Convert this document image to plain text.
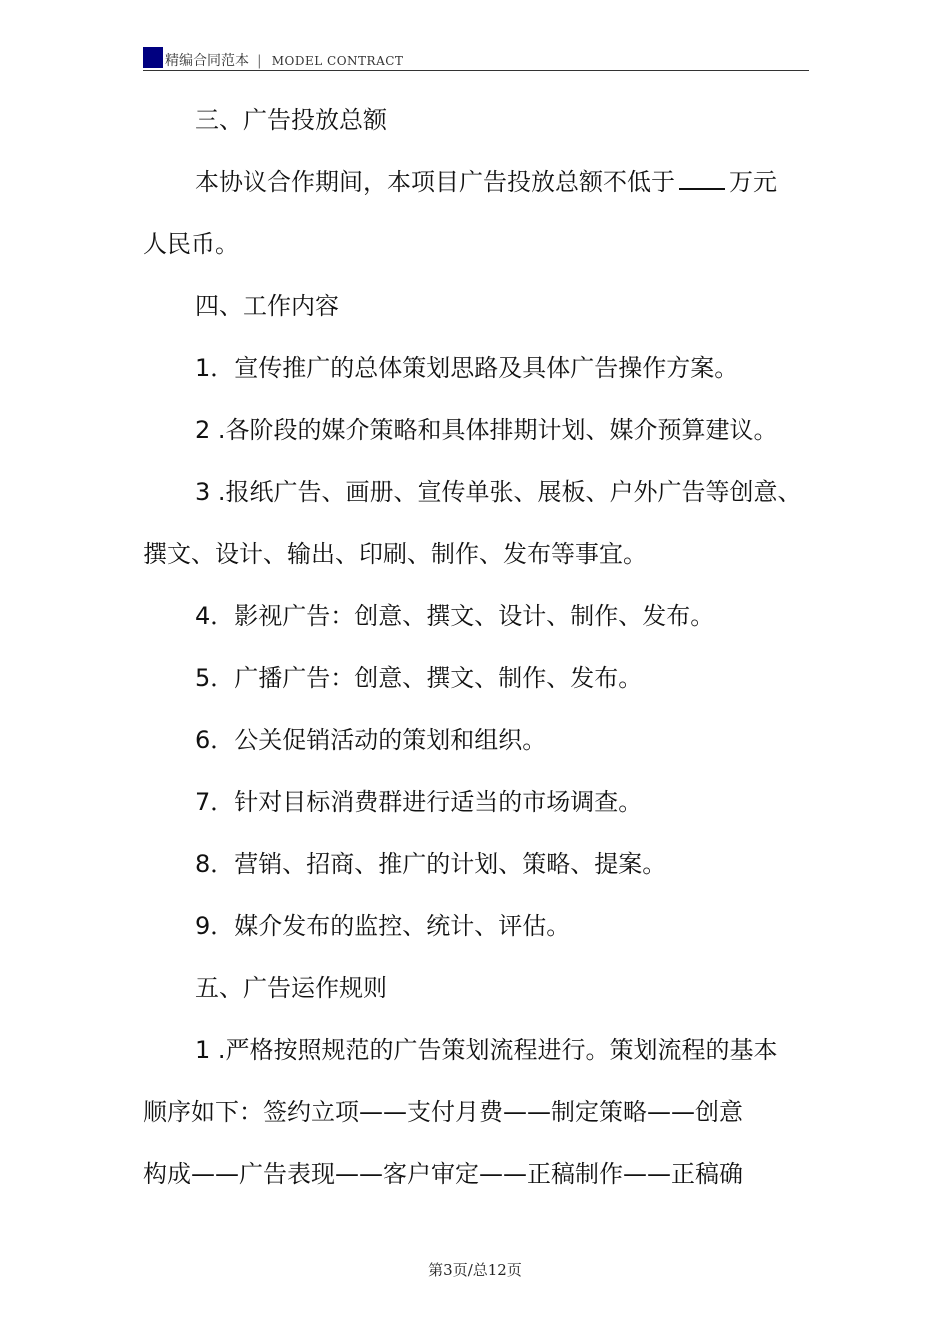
精编合同范本 | MODEL CONTRACT
三、广告投放总额
本协议合作期间，本项目广告投放总额不低于 万元
人民币。
四、工作内容
1．宣传推广的总体策划思路及具体广告操作方案。
2 .各阶段的媒介策略和具体排期计划、媒介预算建议。
3 .报纸广告、画册、宣传单张、展板、户外广告等创意、
撰文、设计、输出、印刷、制作、发布等事宜。
4．影视广告：创意、撰文、设计、制作、发布。
5．广播广告：创意、撰文、制作、发布。
6．公关促销活动的策划和组织。
7．针对目标消费群进行适当的市场调查。
8．营销、招商、推广的计划、策略、提案。
9．媒介发布的监控、统计、评估。
五、广告运作规则
1 .严格按照规范的广告策划流程进行。策划流程的基本
顺序如下：签约立项——支付月费——制定策略——创意
构成——广告表现——客户审定——正稿制作——正稿确
第3页/总12页
